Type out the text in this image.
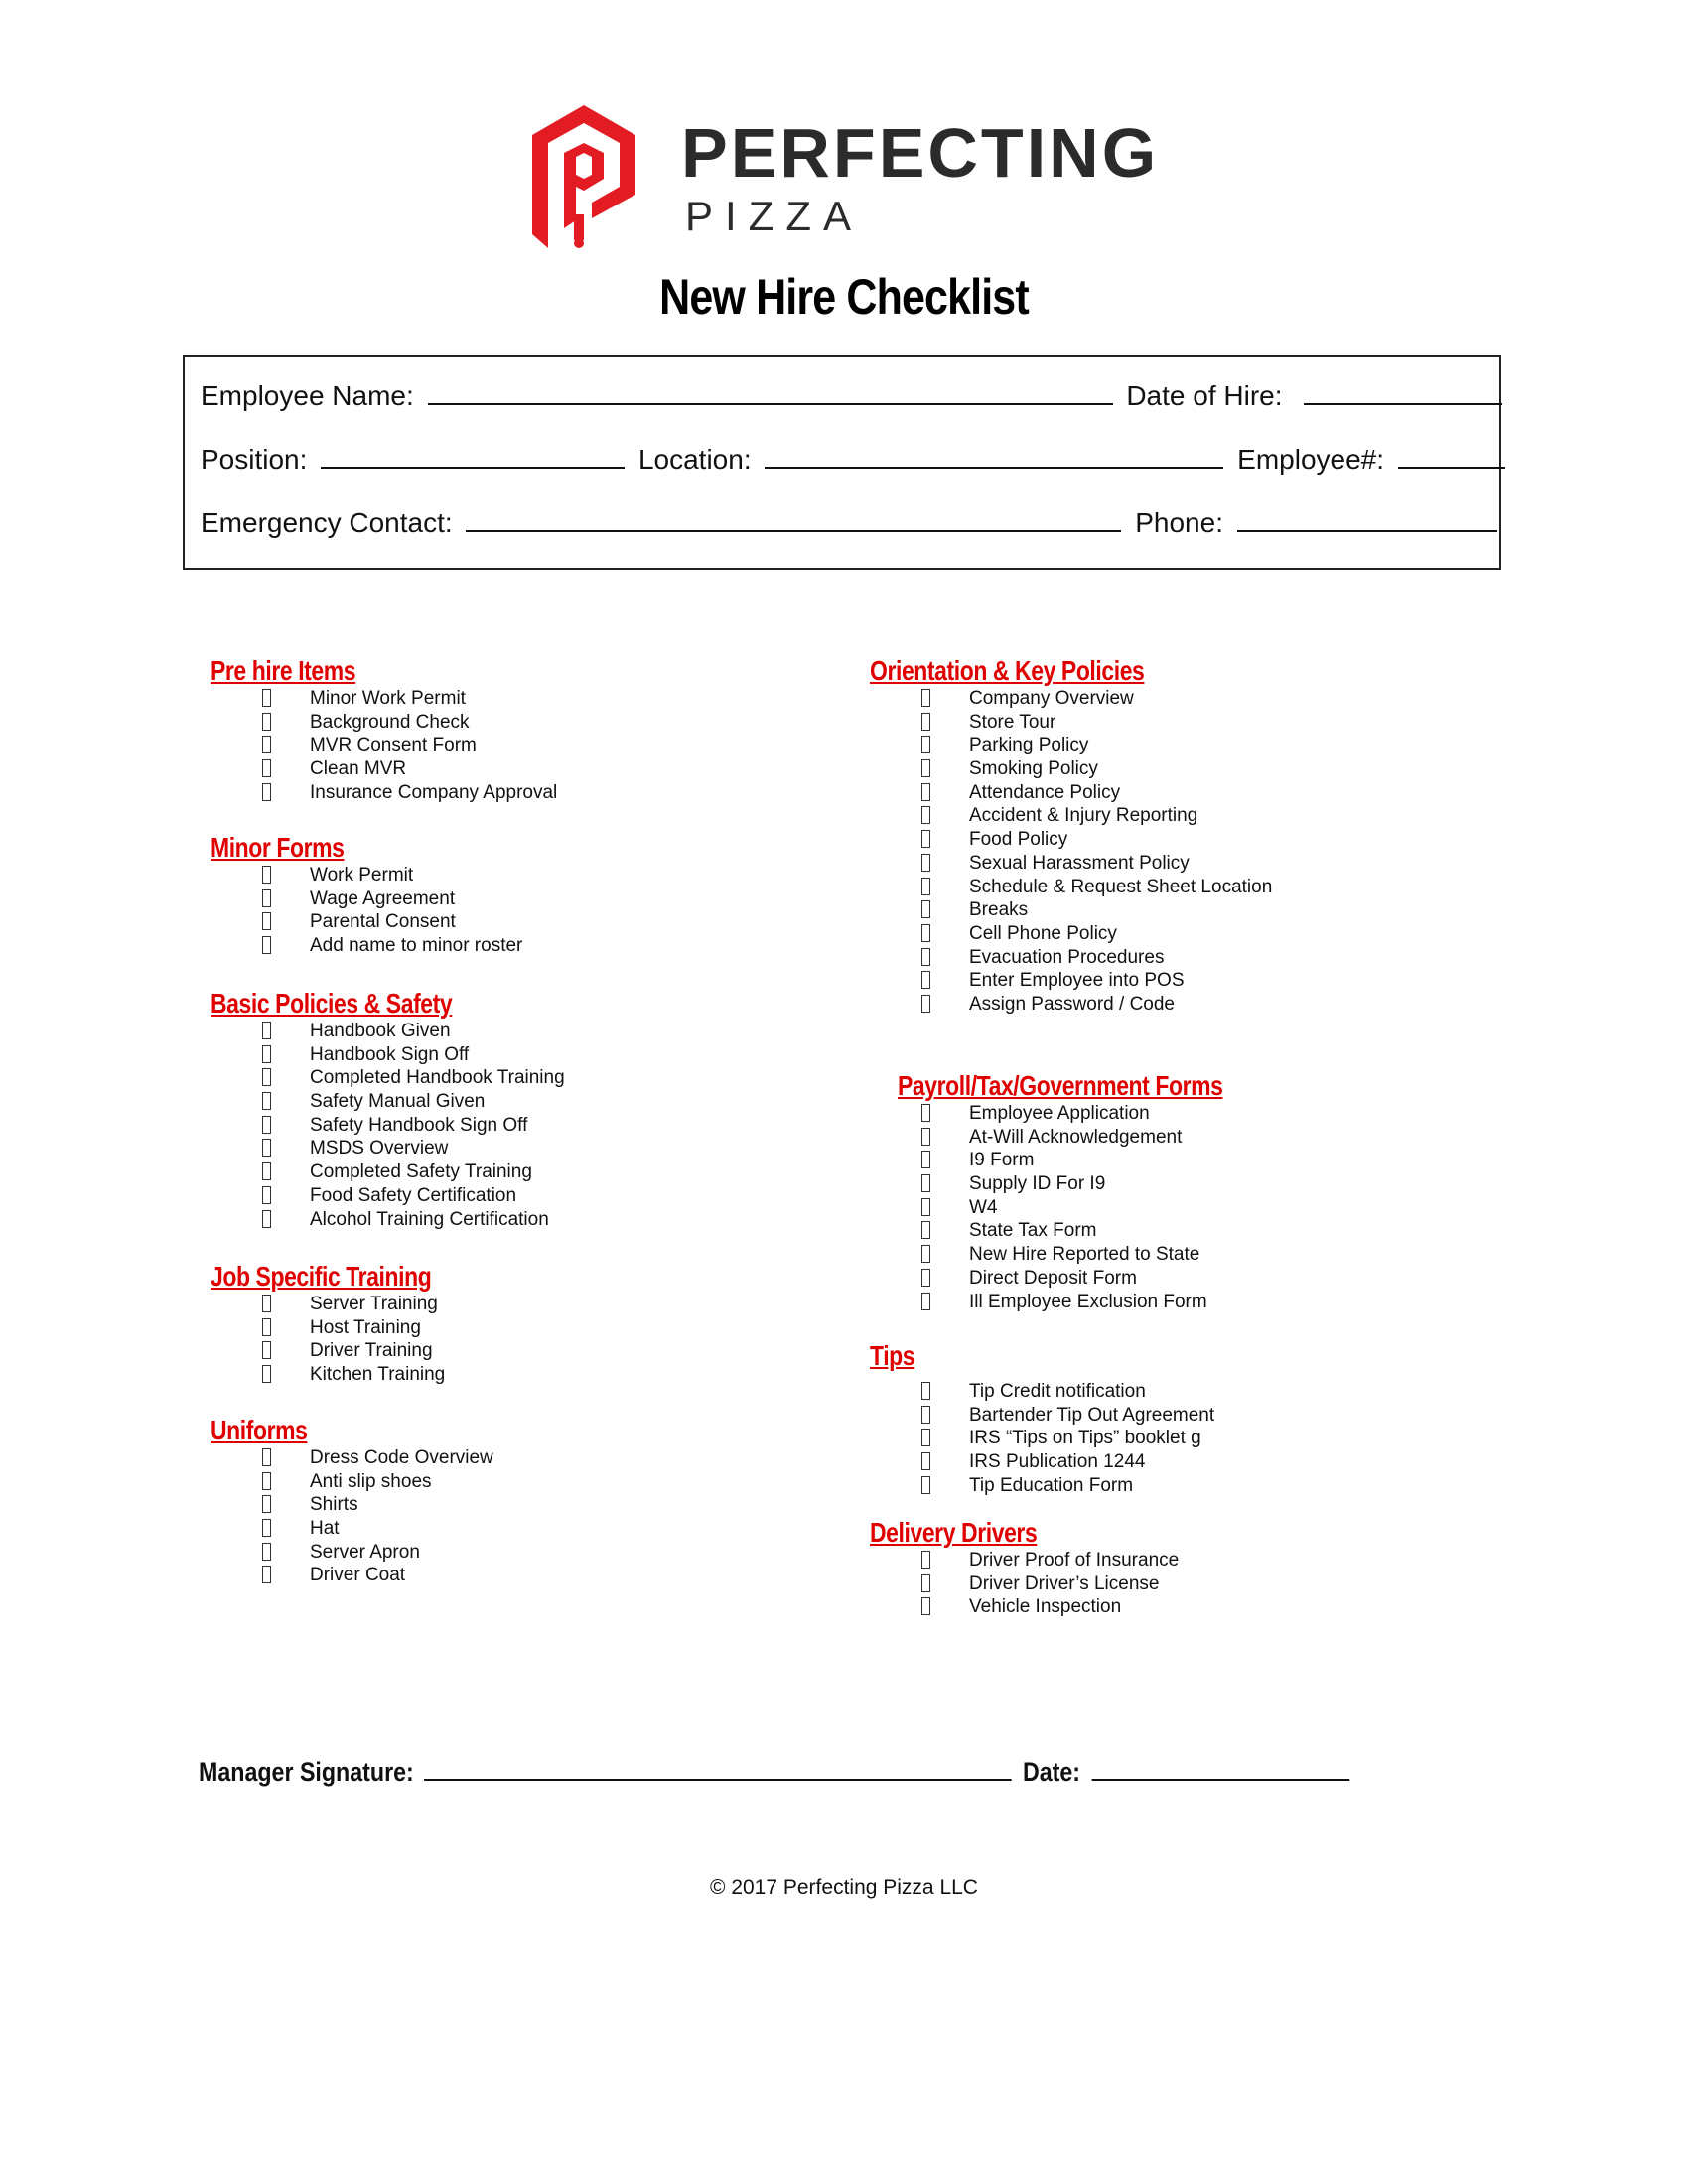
PERFECTING
PIZZA
New Hire Checklist
Employee Name:	Date of Hire:
Position:	Location:	Employee#:
Emergency Contact:	Phone:
Pre hire Items
Minor Work Permit
Background Check
MVR Consent Form
Clean MVR
Insurance Company Approval
Minor Forms
Work Permit
Wage Agreement
Parental Consent
Add name to minor roster
Basic Policies & Safety
Handbook Given
Handbook Sign Off
Completed Handbook Training
Safety Manual Given
Safety Handbook Sign Off
MSDS Overview
Completed Safety Training
Food Safety Certification
Alcohol Training Certification
Job Specific Training
Server Training
Host Training
Driver Training
Kitchen Training
Uniforms
Dress Code Overview
Anti slip shoes
Shirts
Hat
Server Apron
Driver Coat
Orientation & Key Policies
Company Overview
Store Tour
Parking Policy
Smoking Policy
Attendance Policy
Accident & Injury Reporting
Food Policy
Sexual Harassment Policy
Schedule & Request Sheet Location
Breaks
Cell Phone Policy
Evacuation Procedures
Enter Employee into POS
Assign Password / Code
Payroll/Tax/Government Forms
Employee Application
At-Will Acknowledgement
I9 Form
Supply ID For I9
W4
State Tax Form
New Hire Reported to State
Direct Deposit Form
Ill Employee Exclusion Form
Tips
Tip Credit notification
Bartender Tip Out Agreement
IRS “Tips on Tips” booklet g
IRS Publication 1244
Tip Education Form
Delivery Drivers
Driver Proof of Insurance
Driver Driver’s License
Vehicle Inspection
Manager Signature:	Date:
© 2017 Perfecting Pizza LLC
